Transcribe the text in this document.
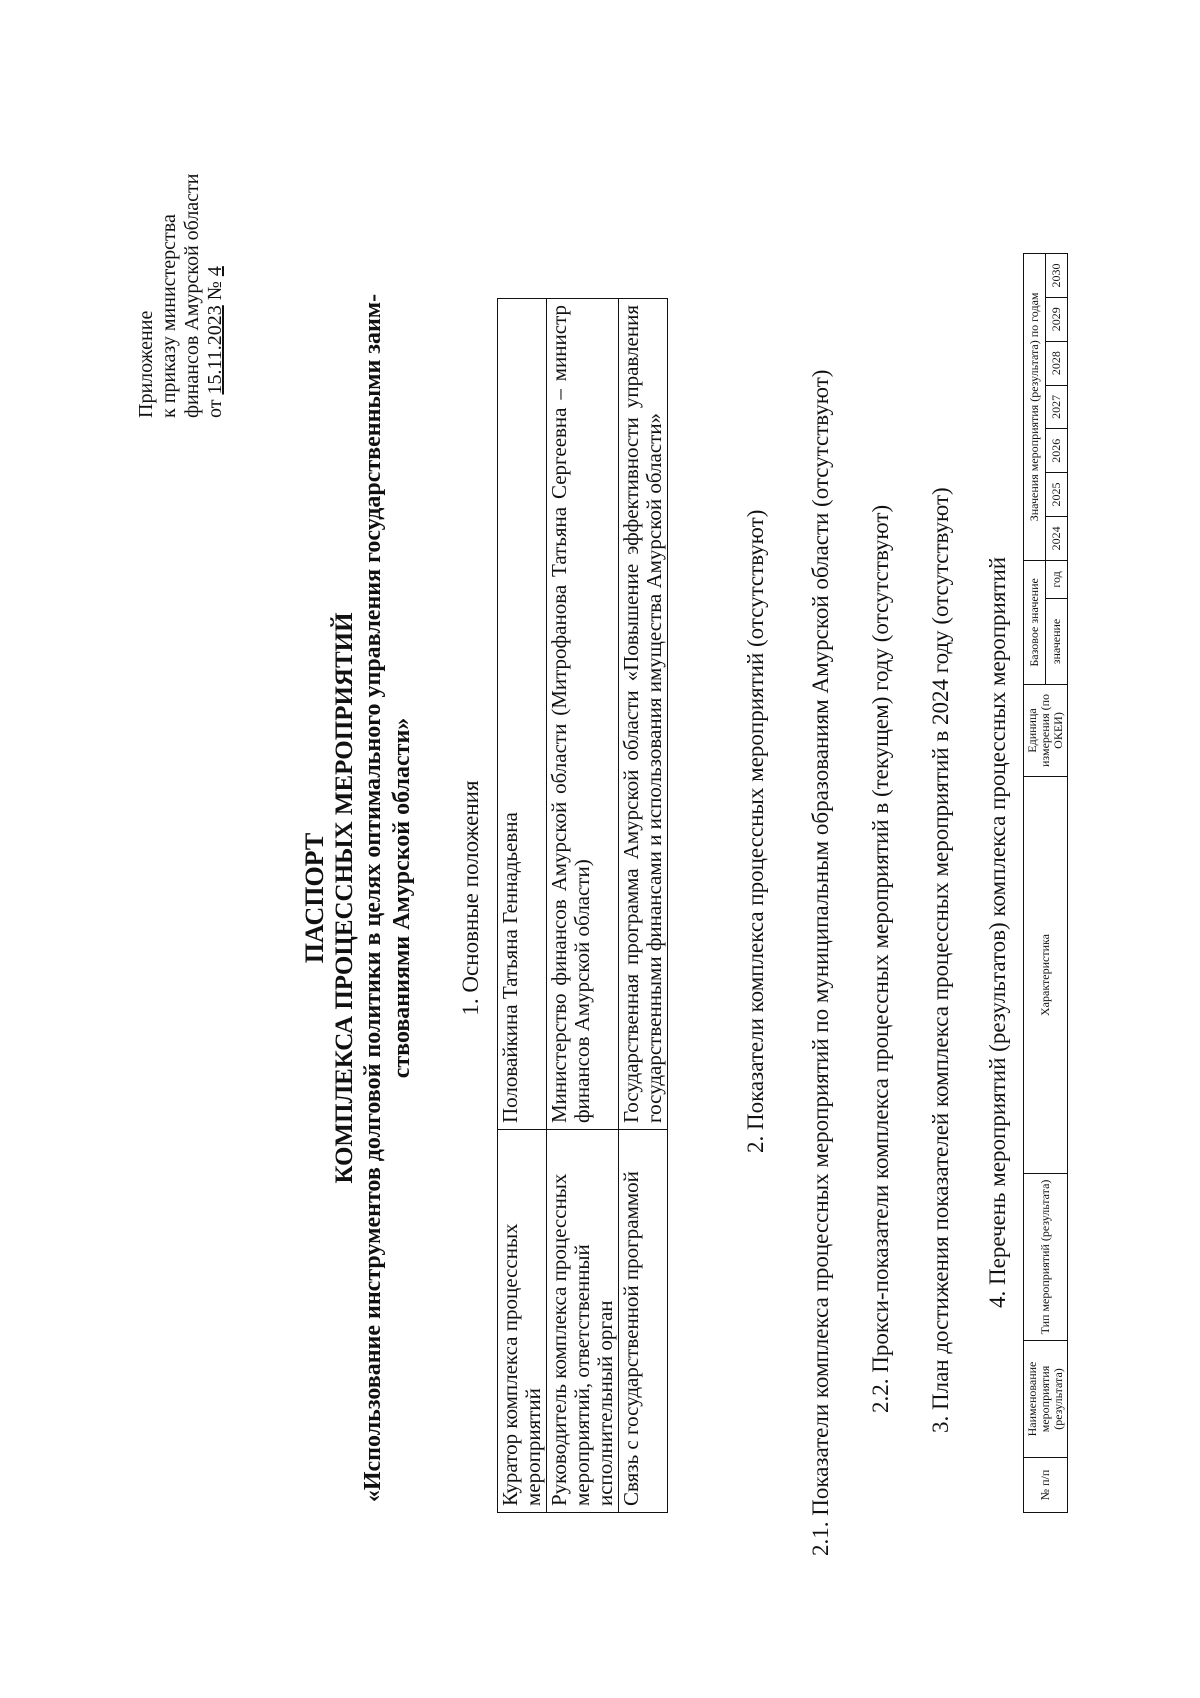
Приложение к приказу министерства финансов Амурской области от 15.11.2023 № 4
ПАСПОРТ КОМПЛЕКСА ПРОЦЕССНЫХ МЕРОПРИЯТИЙ «Использование инструментов долговой политики в целях оптимального управления государственными заим- ствованиями Амурской области» 1. Основные положения
Куратор комплекса процессных мероприятий	Половайкина Татьяна Геннадьевна
Руководитель комплекса процессных мероприятий, ответственный исполнительный орган	Министерство финансов Амурской области (Митрофанова Татьяна Сергеевна – министр финансов Амурской области)
Связь с государственной программой	Государственная программа Амурской области «Повышение эффективности управления государственными финансами и использования имущества Амурской области»	2. Показатели комплекса процессных мероприятий (отсутствуют) 2.1. Показатели комплекса процессных мероприятий по муниципальным образованиям Амурской области (отсутствуют) 2.2. Прокси-показатели комплекса процессных мероприятий в (текущем) году (отсутствуют) 3. План достижения показателей комплекса процессных мероприятий в 2024 году (отсутствуют) 4. Перечень мероприятий (результатов) комплекса процессных мероприятий
№ п/п	Наименование мероприятия (результата)	Тип мероприятий (результата)	Характеристика	Единица измерения (по ОКЕИ)	Базовое значение		Значения мероприятия (результата) по годам						
					значение	год	2024	2025	2026	2027	2028	2029	2030
